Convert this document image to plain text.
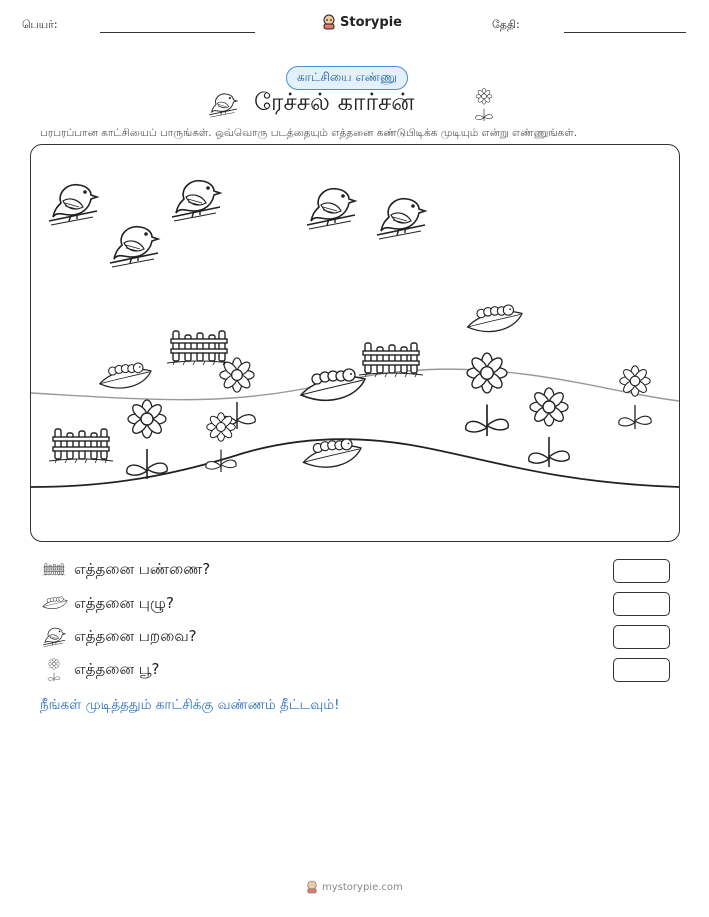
பெயர்:	Storypie	தேதி:
காட்சியை எண்ணு
ரேச்சல் கார்சன்
பரபரப்பான காட்சியைப் பாருங்கள். ஒவ்வொரு படத்தையும் எத்தனை கண்டுபிடிக்க முடியும் என்று எண்ணுங்கள்.
எத்தனை பண்ணை?
எத்தனை புழு?
எத்தனை பறவை?
எத்தனை பூ?
நீங்கள் முடித்ததும் காட்சிக்கு வண்ணம் தீட்டவும்!
mystorypie.com
